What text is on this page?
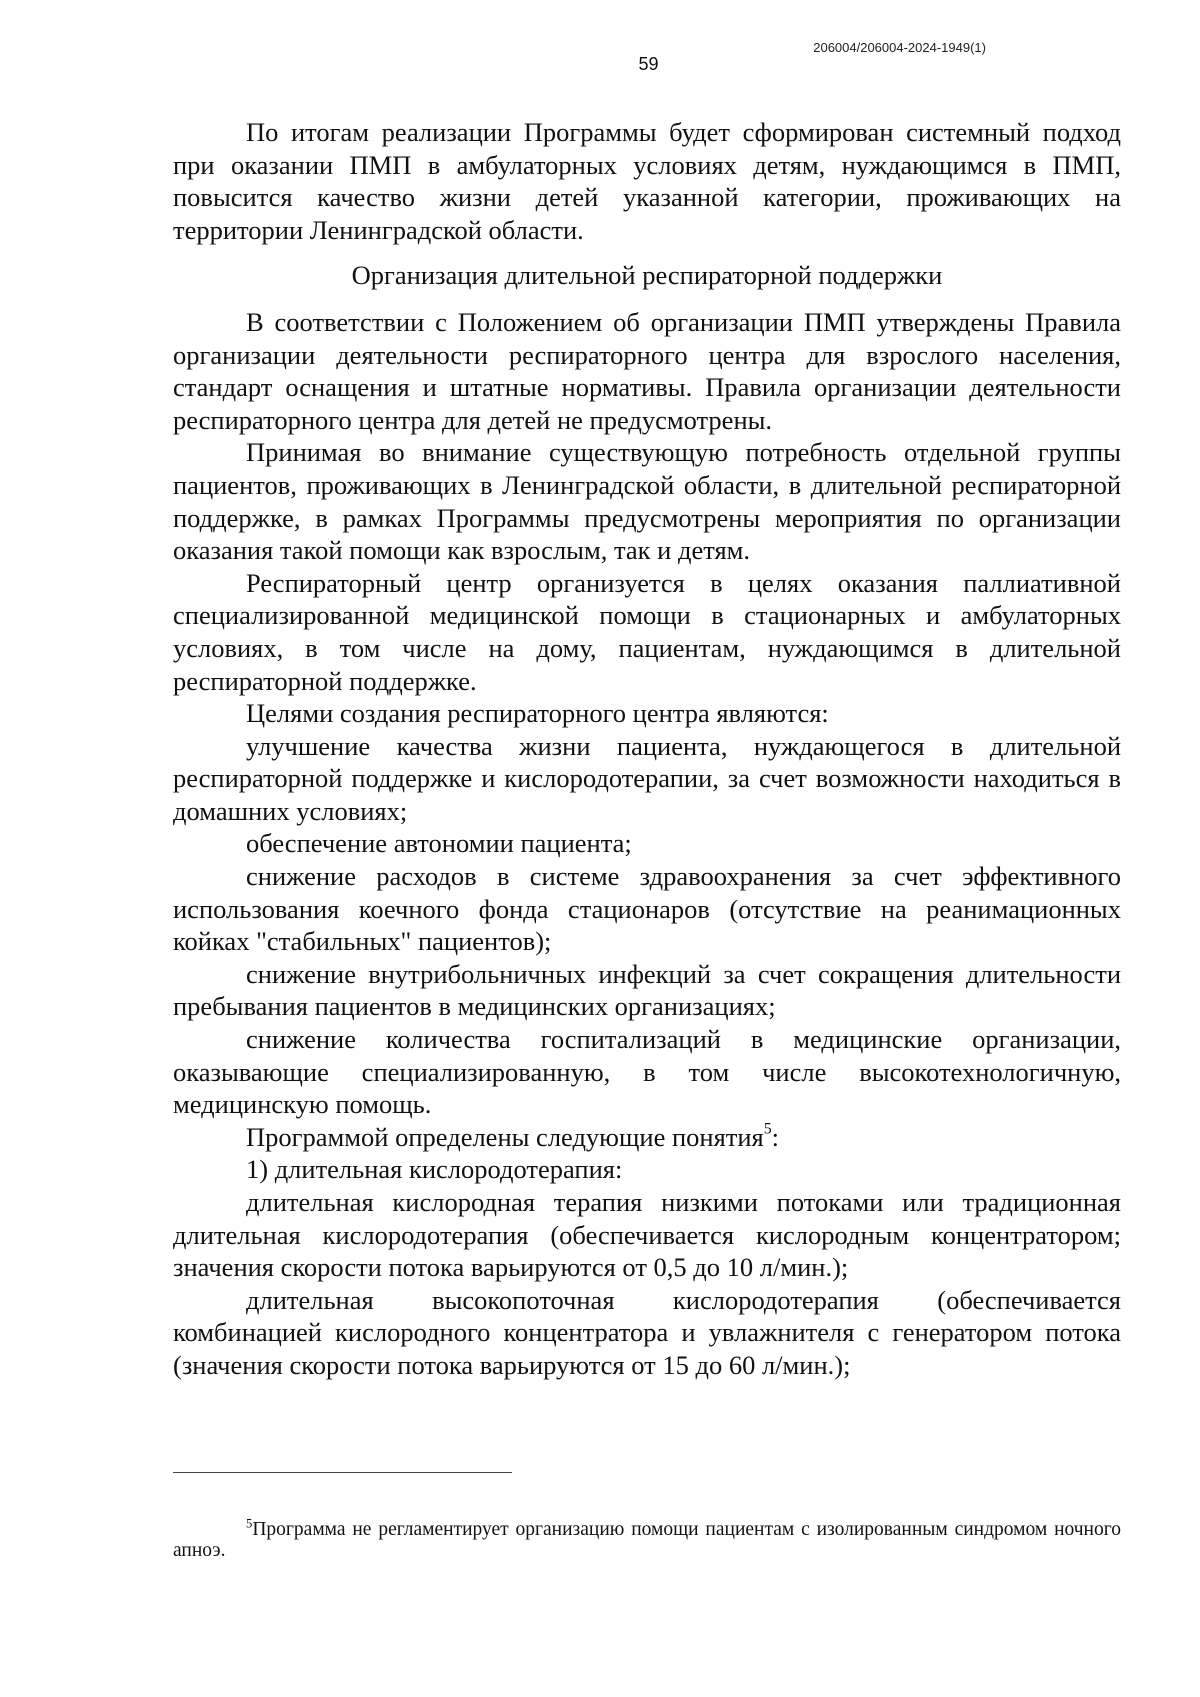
206004/206004-2024-1949(1)
59

По итогам реализации Программы будет сформирован системный подход при оказании ПМП в амбулаторных условиях детям, нуждающимся в ПМП, повысится качество жизни детей указанной категории, проживающих на территории Ленинградской области.

Организация длительной респираторной поддержки

В соответствии с Положением об организации ПМП утверждены Правила организации деятельности респираторного центра для взрослого населения, стандарт оснащения и штатные нормативы. Правила организации деятельности респираторного центра для детей не предусмотрены.

Принимая во внимание существующую потребность отдельной группы пациентов, проживающих в Ленинградской области, в длительной респираторной поддержке, в рамках Программы предусмотрены мероприятия по организации оказания такой помощи как взрослым, так и детям.

Респираторный центр организуется в целях оказания паллиативной специализированной медицинской помощи в стационарных и амбулаторных условиях, в том числе на дому, пациентам, нуждающимся в длительной респираторной поддержке.

Целями создания респираторного центра являются:

улучшение качества жизни пациента, нуждающегося в длительной респираторной поддержке и кислородотерапии, за счет возможности находиться в домашних условиях;

обеспечение автономии пациента;

снижение расходов в системе здравоохранения за счет эффективного использования коечного фонда стационаров (отсутствие на реанимационных койках "стабильных" пациентов);

снижение внутрибольничных инфекций за счет сокращения длительности пребывания пациентов в медицинских организациях;

снижение количества госпитализаций в медицинские организации, оказывающие специализированную, в том числе высокотехнологичную, медицинскую помощь.

Программой определены следующие понятия$^5$:

1) длительная кислородотерапия:

длительная кислородная терапия низкими потоками или традиционная длительная кислородотерапия (обеспечивается кислородным концентратором; значения скорости потока варьируются от 0,5 до 10 л/мин.);

длительная высокопоточная кислородотерапия (обеспечивается комбинацией кислородного концентратора и увлажнителя с генератором потока (значения скорости потока варьируются от 15 до 60 л/мин.);

$^5$Программа не регламентирует организацию помощи пациентам с изолированным синдромом ночного апноэ.
